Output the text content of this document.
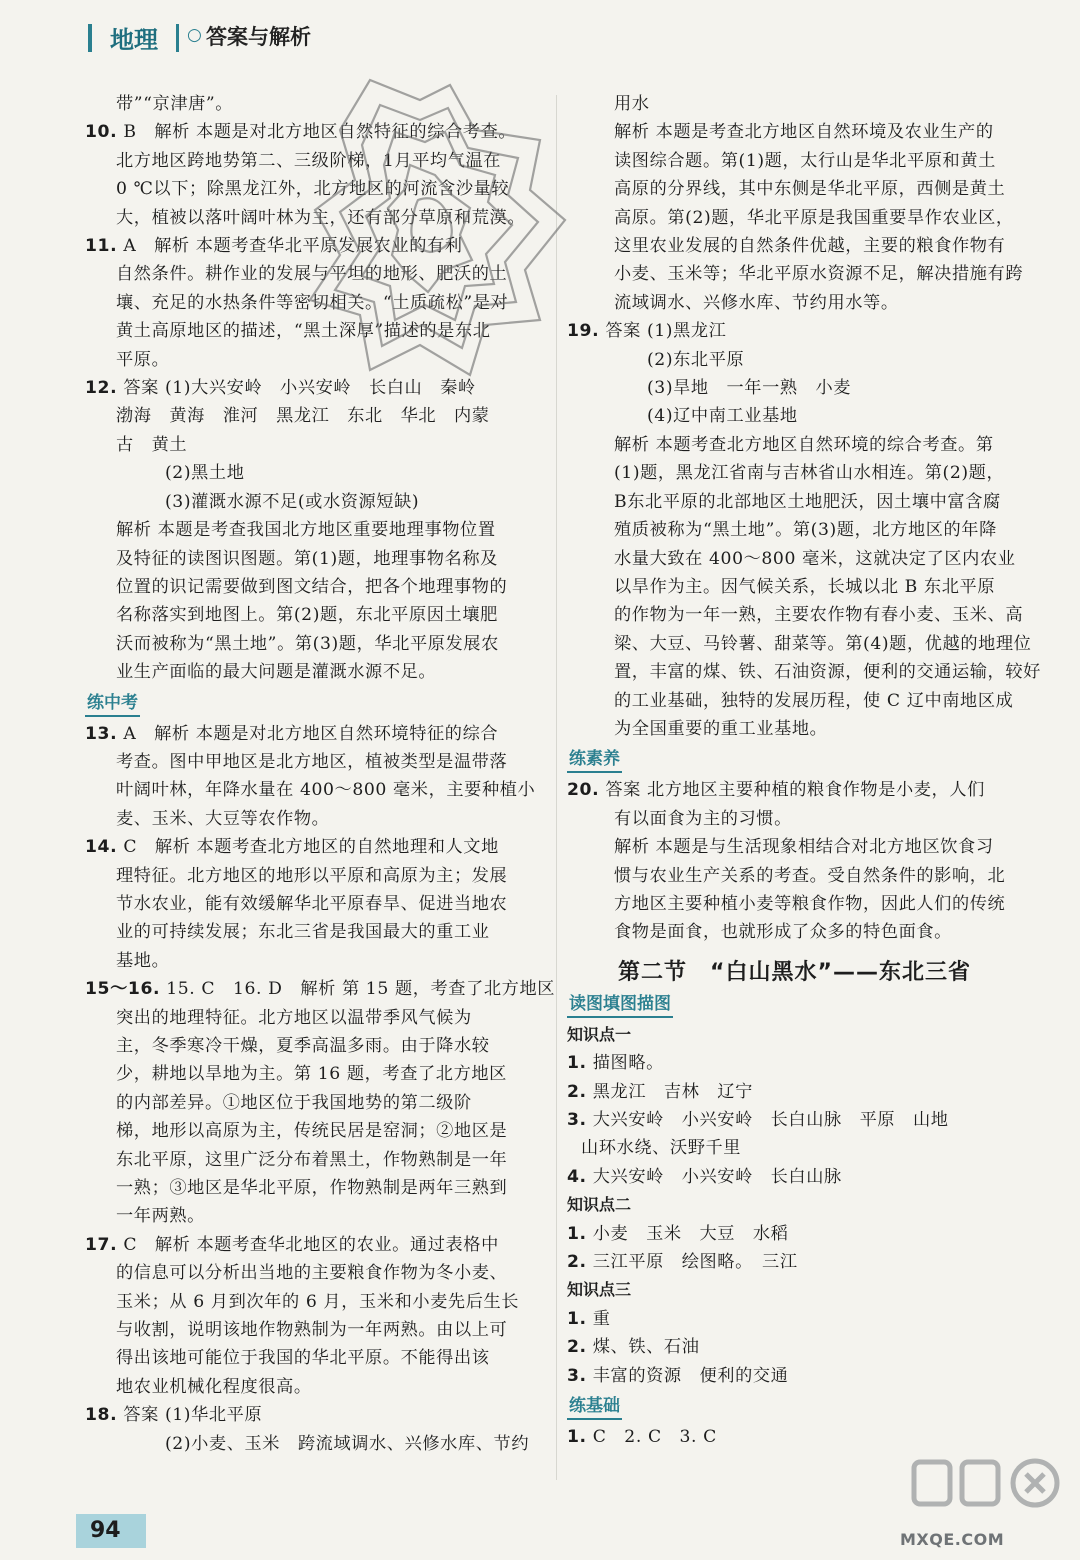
地理 ○ 答案与解析
带”“京津唐”。
10. B　解析 本题是对北方地区自然特征的综合考查。
北方地区跨地势第二、三级阶梯，1月平均气温在
0 ℃以下；除黑龙江外，北方地区的河流含沙量较
大，植被以落叶阔叶林为主，还有部分草原和荒漠。
11. A　解析 本题考查华北平原发展农业的有利
自然条件。耕作业的发展与平坦的地形、肥沃的土
壤、充足的水热条件等密切相关。“土质疏松”是对
黄土高原地区的描述，“黑土深厚”描述的是东北
平原。
12. 答案 (1)大兴安岭　小兴安岭　长白山　秦岭
渤海　黄海　淮河　黑龙江　东北　华北　内蒙
古　黄土
(2)黑土地
(3)灌溉水源不足(或水资源短缺)
解析 本题是考查我国北方地区重要地理事物位置
及特征的读图识图题。第(1)题，地理事物名称及
位置的识记需要做到图文结合，把各个地理事物的
名称落实到地图上。第(2)题，东北平原因土壤肥
沃而被称为“黑土地”。第(3)题，华北平原发展农
业生产面临的最大问题是灌溉水源不足。
练中考
13. A　解析 本题是对北方地区自然环境特征的综合
考查。图中甲地区是北方地区，植被类型是温带落
叶阔叶林，年降水量在 400～800 毫米，主要种植小
麦、玉米、大豆等农作物。
14. C　解析 本题考查北方地区的自然地理和人文地
理特征。北方地区的地形以平原和高原为主；发展
节水农业，能有效缓解华北平原春旱、促进当地农
业的可持续发展；东北三省是我国最大的重工业
基地。
15～16. 15. C　16. D　解析 第 15 题，考查了北方地区
突出的地理特征。北方地区以温带季风气候为
主，冬季寒冷干燥，夏季高温多雨。由于降水较
少，耕地以旱地为主。第 16 题，考查了北方地区
的内部差异。①地区位于我国地势的第二级阶
梯，地形以高原为主，传统民居是窑洞；②地区是
东北平原，这里广泛分布着黑土，作物熟制是一年
一熟；③地区是华北平原，作物熟制是两年三熟到
一年两熟。
17. C　解析 本题考查华北地区的农业。通过表格中
的信息可以分析出当地的主要粮食作物为冬小麦、
玉米；从 6 月到次年的 6 月，玉米和小麦先后生长
与收割，说明该地作物熟制为一年两熟。由以上可
得出该地可能位于我国的华北平原。不能得出该
地农业机械化程度很高。
18. 答案 (1)华北平原
(2)小麦、玉米　跨流域调水、兴修水库、节约
用水
解析 本题是考查北方地区自然环境及农业生产的
读图综合题。第(1)题，太行山是华北平原和黄土
高原的分界线，其中东侧是华北平原，西侧是黄土
高原。第(2)题，华北平原是我国重要旱作农业区，
这里农业发展的自然条件优越，主要的粮食作物有
小麦、玉米等；华北平原水资源不足，解决措施有跨
流域调水、兴修水库、节约用水等。
19. 答案 (1)黑龙江
(2)东北平原
(3)旱地　一年一熟　小麦
(4)辽中南工业基地
解析 本题考查北方地区自然环境的综合考查。第
(1)题，黑龙江省南与吉林省山水相连。第(2)题，
B东北平原的北部地区土地肥沃，因土壤中富含腐
殖质被称为“黑土地”。第(3)题，北方地区的年降
水量大致在 400～800 毫米，这就决定了区内农业
以旱作为主。因气候关系，长城以北 B 东北平原
的作物为一年一熟，主要农作物有春小麦、玉米、高
梁、大豆、马铃薯、甜菜等。第(4)题，优越的地理位
置，丰富的煤、铁、石油资源，便利的交通运输，较好
的工业基础，独特的发展历程，使 C 辽中南地区成
为全国重要的重工业基地。
练素养
20. 答案 北方地区主要种植的粮食作物是小麦，人们
有以面食为主的习惯。
解析 本题是与生活现象相结合对北方地区饮食习
惯与农业生产关系的考查。受自然条件的影响，北
方地区主要种植小麦等粮食作物，因此人们的传统
食物是面食，也就形成了众多的特色面食。
第二节　“白山黑水”——东北三省
读图填图描图
知识点一
1. 描图略。
2. 黑龙江　吉林　辽宁
3. 大兴安岭　小兴安岭　长白山脉　平原　山地
山环水绕、沃野千里
4. 大兴安岭　小兴安岭　长白山脉
知识点二
1. 小麦　玉米　大豆　水稻
2. 三江平原　绘图略。　三江
知识点三
1. 重
2. 煤、铁、石油
3. 丰富的资源　便利的交通
练基础
1. C　2. C　3. C
94	MXQE.COM
